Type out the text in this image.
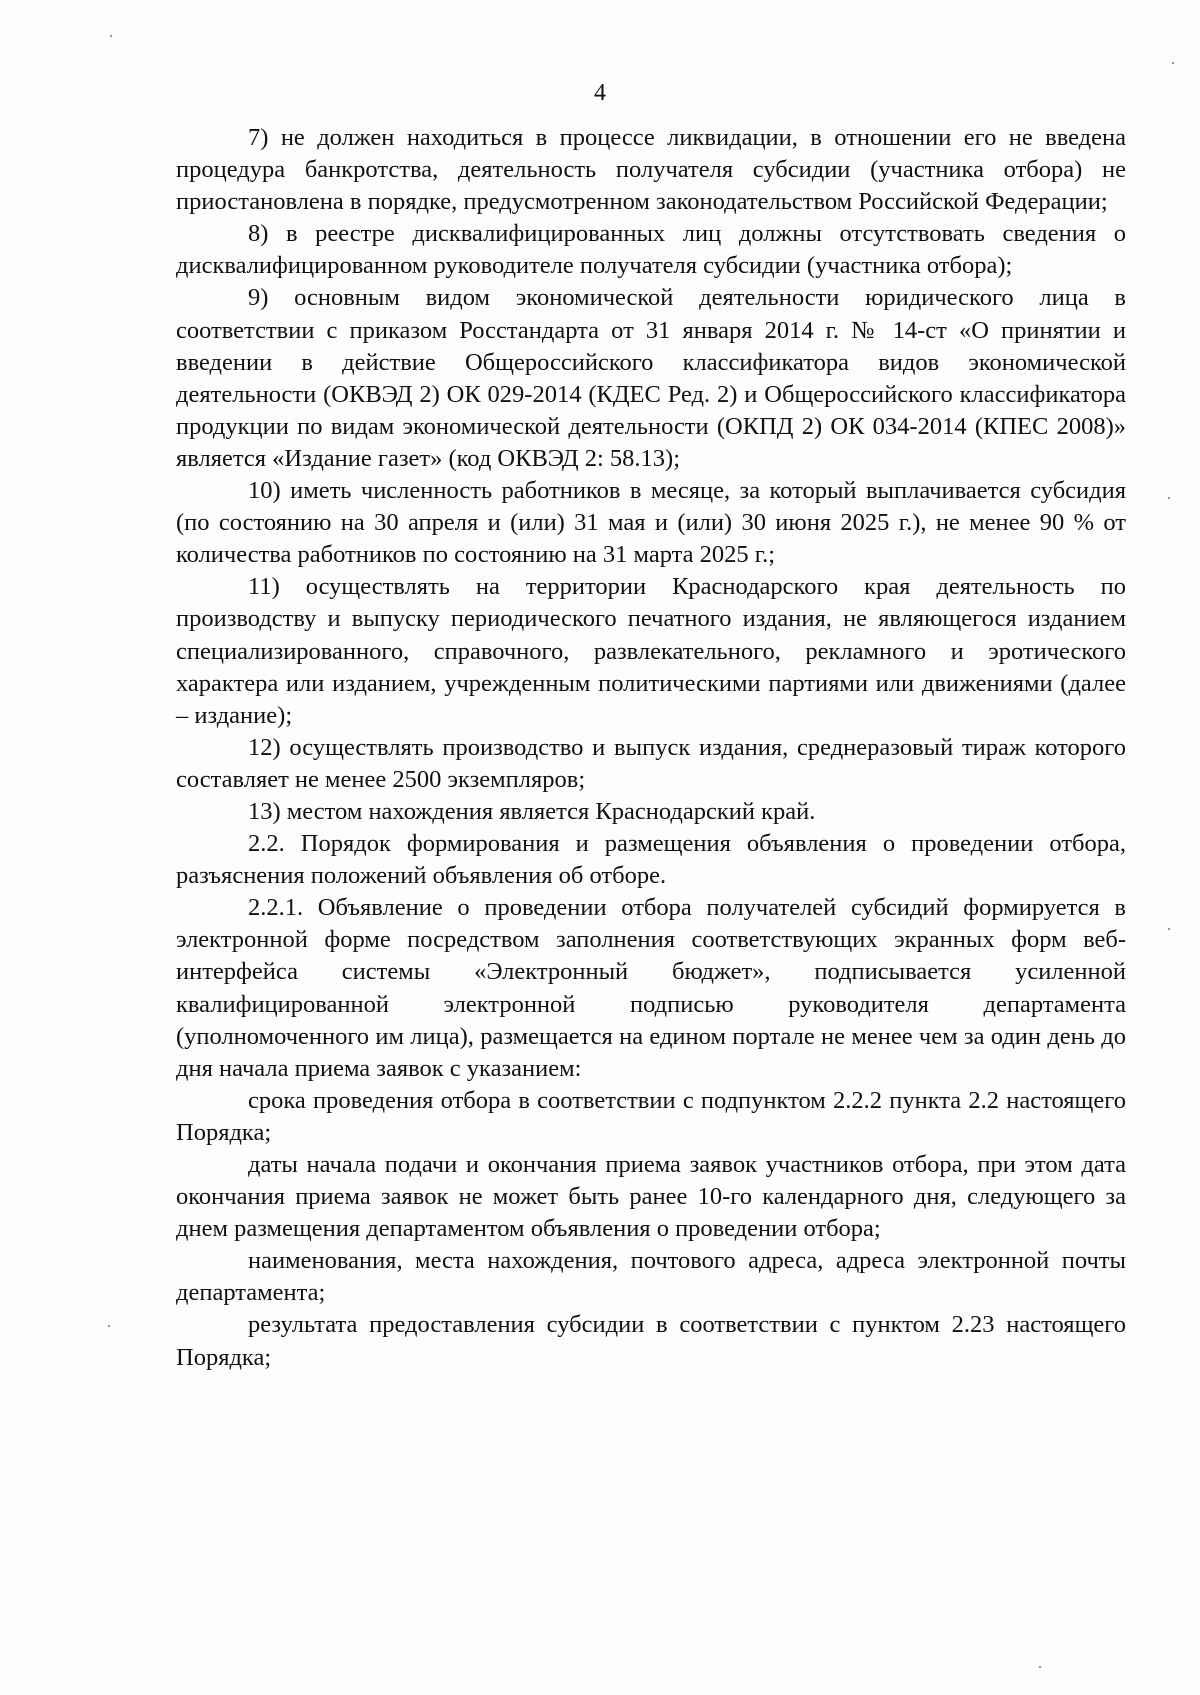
4

7) не должен находиться в процессе ликвидации, в отношении его не введена процедура банкротства, деятельность получателя субсидии (участника отбора) не приостановлена в порядке, предусмотренном законодательством Российской Федерации;

8) в реестре дисквалифицированных лиц должны отсутствовать сведения о дисквалифицированном руководителе получателя субсидии (участника отбора);

9) основным видом экономической деятельности юридического лица в соответствии с приказом Росстандарта от 31 января 2014 г. № 14-ст «О принятии и введении в действие Общероссийского классификатора видов экономической деятельности (ОКВЭД 2) ОК 029-2014 (КДЕС Ред. 2) и Общероссийского классификатора продукции по видам экономической деятельности (ОКПД 2) ОК 034-2014 (КПЕС 2008)» является «Издание газет» (код ОКВЭД 2: 58.13);

10) иметь численность работников в месяце, за который выплачивается субсидия (по состоянию на 30 апреля и (или) 31 мая и (или) 30 июня 2025 г.), не менее 90 % от количества работников по состоянию на 31 марта 2025 г.;

11) осуществлять на территории Краснодарского края деятельность по производству и выпуску периодического печатного издания, не являющегося изданием специализированного, справочного, развлекательного, рекламного и эротического характера или изданием, учрежденным политическими партиями или движениями (далее – издание);

12) осуществлять производство и выпуск издания, среднеразовый тираж которого составляет не менее 2500 экземпляров;

13) местом нахождения является Краснодарский край.

2.2. Порядок формирования и размещения объявления о проведении отбора, разъяснения положений объявления об отборе.

2.2.1. Объявление о проведении отбора получателей субсидий формируется в электронной форме посредством заполнения соответствующих экранных форм веб-интерфейса системы «Электронный бюджет», подписывается усиленной квалифицированной электронной подписью руководителя департамента (уполномоченного им лица), размещается на едином портале не менее чем за один день до дня начала приема заявок с указанием:

срока проведения отбора в соответствии с подпунктом 2.2.2 пункта 2.2 настоящего Порядка;

даты начала подачи и окончания приема заявок участников отбора, при этом дата окончания приема заявок не может быть ранее 10-го календарного дня, следующего за днем размещения департаментом объявления о проведении отбора;

наименования, места нахождения, почтового адреса, адреса электронной почты департамента;

результата предоставления субсидии в соответствии с пунктом 2.23 настоящего Порядка;
